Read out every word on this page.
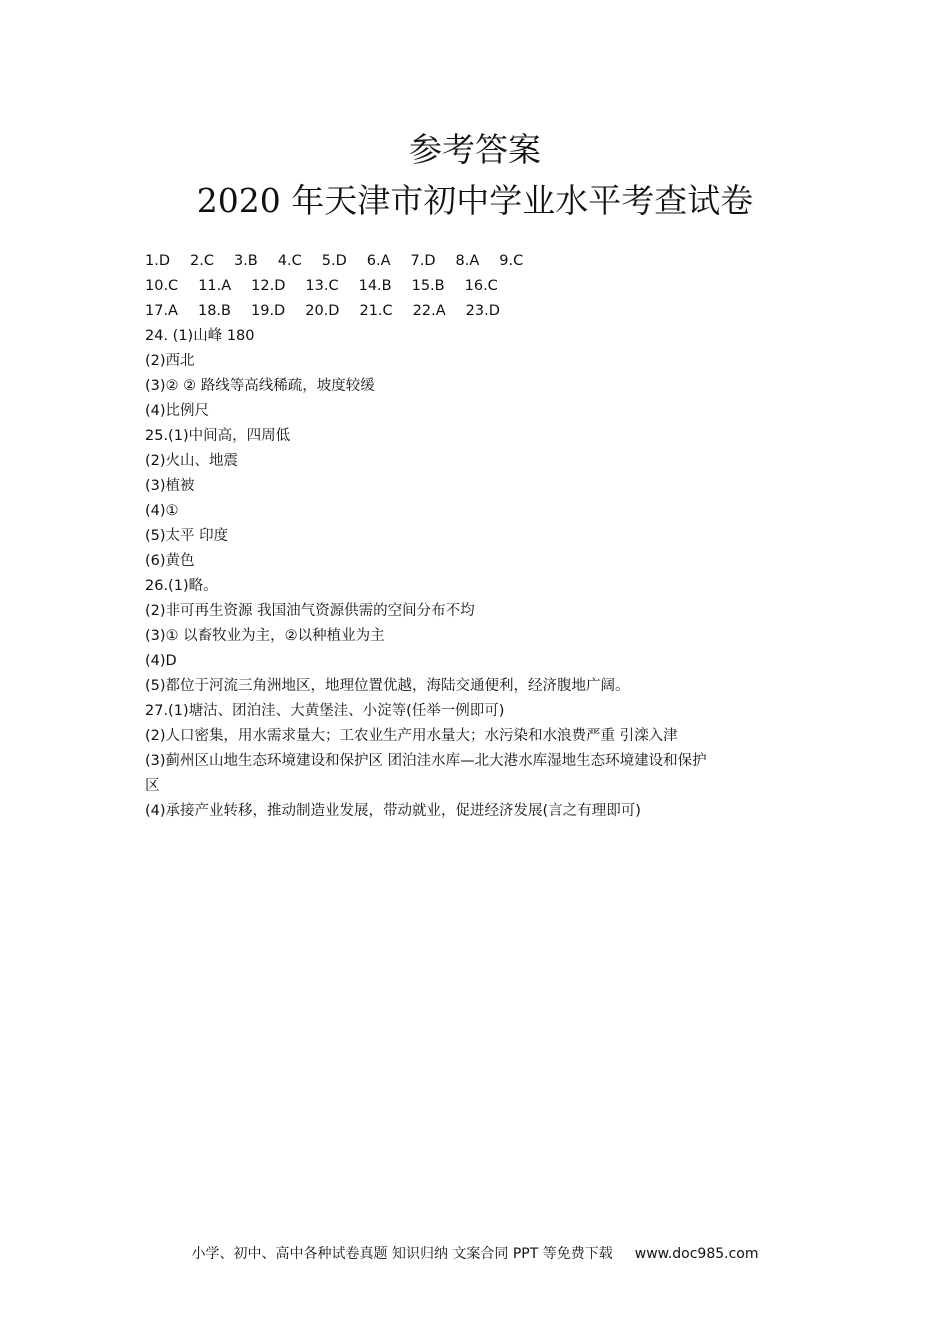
参考答案
2020 年天津市初中学业水平考查试卷
1.D 2.C 3.B 4.C 5.D 6.A 7.D 8.A 9.C
10.C 11.A 12.D 13.C 14.B 15.B 16.C
17.A 18.B 19.D 20.D 21.C 22.A 23.D
24. (1)山峰 180
(2)西北
(3)② ② 路线等高线稀疏，坡度较缓
(4)比例尺
25.(1)中间高，四周低
(2)火山、地震
(3)植被
(4)①
(5)太平 印度
(6)黄色
26.(1)略。
(2)非可再生资源 我国油气资源供需的空间分布不均
(3)① 以畜牧业为主，②以种植业为主
(4)D
(5)都位于河流三角洲地区，地理位置优越，海陆交通便利，经济腹地广阔。
27.(1)塘沽、团泊洼、大黄堡洼、小淀等(任举一例即可)
(2)人口密集，用水需求量大；工农业生产用水量大；水污染和水浪费严重 引滦入津
(3)蓟州区山地生态环境建设和保护区 团泊洼水库—北大港水库湿地生态环境建设和保护
区
(4)承接产业转移，推动制造业发展，带动就业，促进经济发展(言之有理即可)
小学、初中、高中各种试卷真题 知识归纳 文案合同 PPT 等免费下载 www.doc985.com
